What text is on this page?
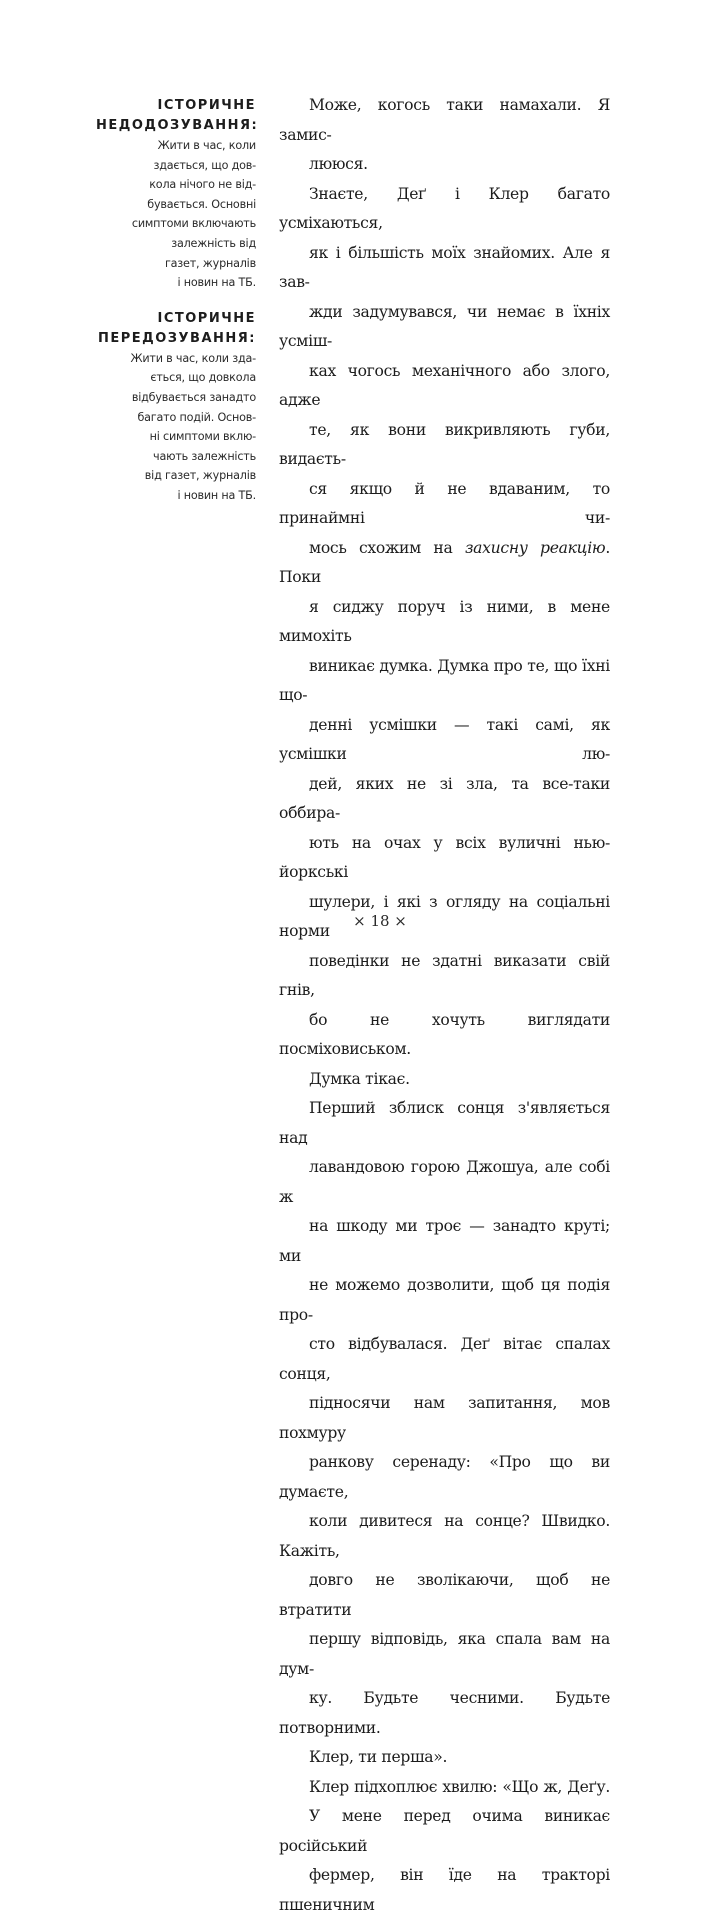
ІСТОРИЧНЕ
НЕДОДОЗУВАННЯ:
Жити в час, коли
здається, що дов-
кола нічого не від-
бувається. Основні
симптоми включають
залежність від
газет, журналів
і новин на ТБ.
ІСТОРИЧНЕ
ПЕРЕДОЗУВАННЯ:
Жити в час, коли зда-
ється, що довкола
відбувається занадто
багато подій. Основ-
ні симптоми вклю-
чають залежність
від газет, журналів
і новин на ТБ.

Може, когось таки намахали. Я замис-
лююся.

Знаєте, Деґ і Клер багато усміхаються,
як і більшість моїх знайомих. Але я зав-
жди задумувався, чи немає в їхніх усміш-
ках чогось механічного або злого, адже
те, як вони викривляють губи, видаєть-
ся якщо й не вдаваним, то принаймні чи-
мось схожим на захисну реакцію. Поки
я сиджу поруч із ними, в мене мимохіть
виникає думка. Думка про те, що їхні що-
денні усмішки — такі самі, як усмішки лю-
дей, яких не зі зла, та все-таки оббира-
ють на очах у всіх вуличні нью-йоркські
шулери, і які з огляду на соціальні норми
поведінки не здатні виказати свій гнів,
бо не хочуть виглядати посміховиськом.
Думка тікає.

Перший зблиск сонця з'являється над
лавандовою горою Джошуа, але собі ж
на шкоду ми троє — занадто круті; ми
не можемо дозволити, щоб ця подія про-
сто відбувалася. Деґ вітає спалах сонця,
підносячи нам запитання, мов похмуру
ранкову серенаду: «Про що ви думаєте,
коли дивитеся на сонце? Швидко. Кажіть,
довго не зволікаючи, щоб не втратити
першу відповідь, яка спала вам на дум-
ку. Будьте чесними. Будьте потворними.
Клер, ти перша».

Клер підхоплює хвилю: «Що ж, Деґу.
У мене перед очима виникає російський
фермер, він їде на тракторі пшеничним

× 18 ×
